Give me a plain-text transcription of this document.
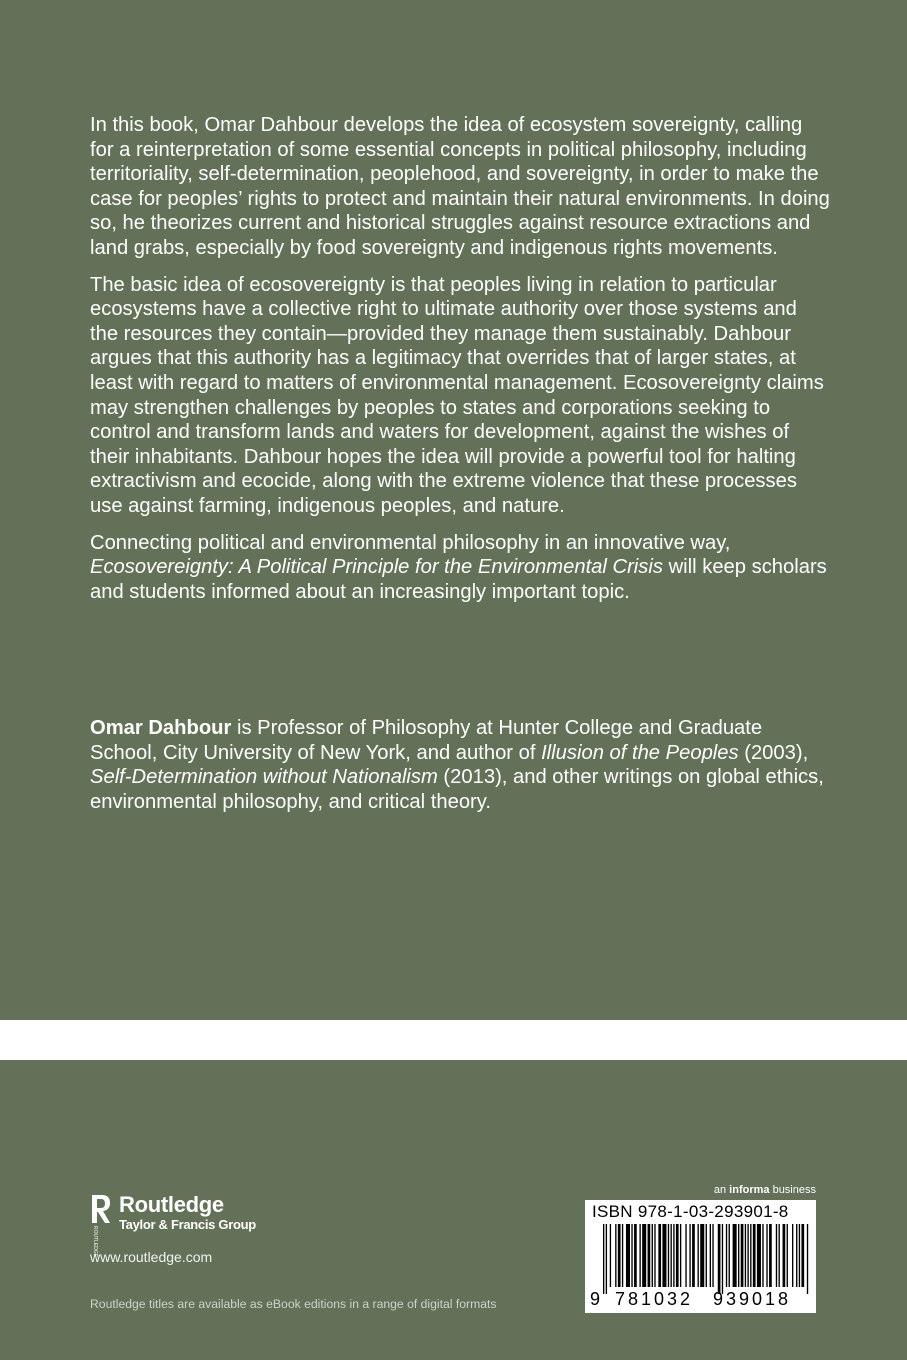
In this book, Omar Dahbour develops the idea of ecosystem sovereignty, calling for a reinterpretation of some essential concepts in political philosophy, including territoriality, self-determination, peoplehood, and sovereignty, in order to make the case for peoples’ rights to protect and maintain their natural environments. In doing so, he theorizes current and historical struggles against resource extractions and land grabs, especially by food sovereignty and indigenous rights movements.

The basic idea of ecosovereignty is that peoples living in relation to particular ecosystems have a collective right to ultimate authority over those systems and the resources they contain—provided they manage them sustainably. Dahbour argues that this authority has a legitimacy that overrides that of larger states, at least with regard to matters of environmental management. Ecosovereignty claims may strengthen challenges by peoples to states and corporations seeking to control and transform lands and waters for development, against the wishes of their inhabitants. Dahbour hopes the idea will provide a powerful tool for halting extractivism and ecocide, along with the extreme violence that these processes use against farming, indigenous peoples, and nature.

Connecting political and environmental philosophy in an innovative way, Ecosovereignty: A Political Principle for the Environmental Crisis will keep scholars and students informed about an increasingly important topic.

Omar Dahbour is Professor of Philosophy at Hunter College and Graduate School, City University of New York, and author of Illusion of the Peoples (2003), Self-Determination without Nationalism (2013), and other writings on global ethics, environmental philosophy, and critical theory.

ROUTLEDGE
Routledge
Taylor & Francis Group
www.routledge.com
Routledge titles are available as eBook editions in a range of digital formats
an informa business
ISBN 978-1-03-293901-8
9 781032 939018
